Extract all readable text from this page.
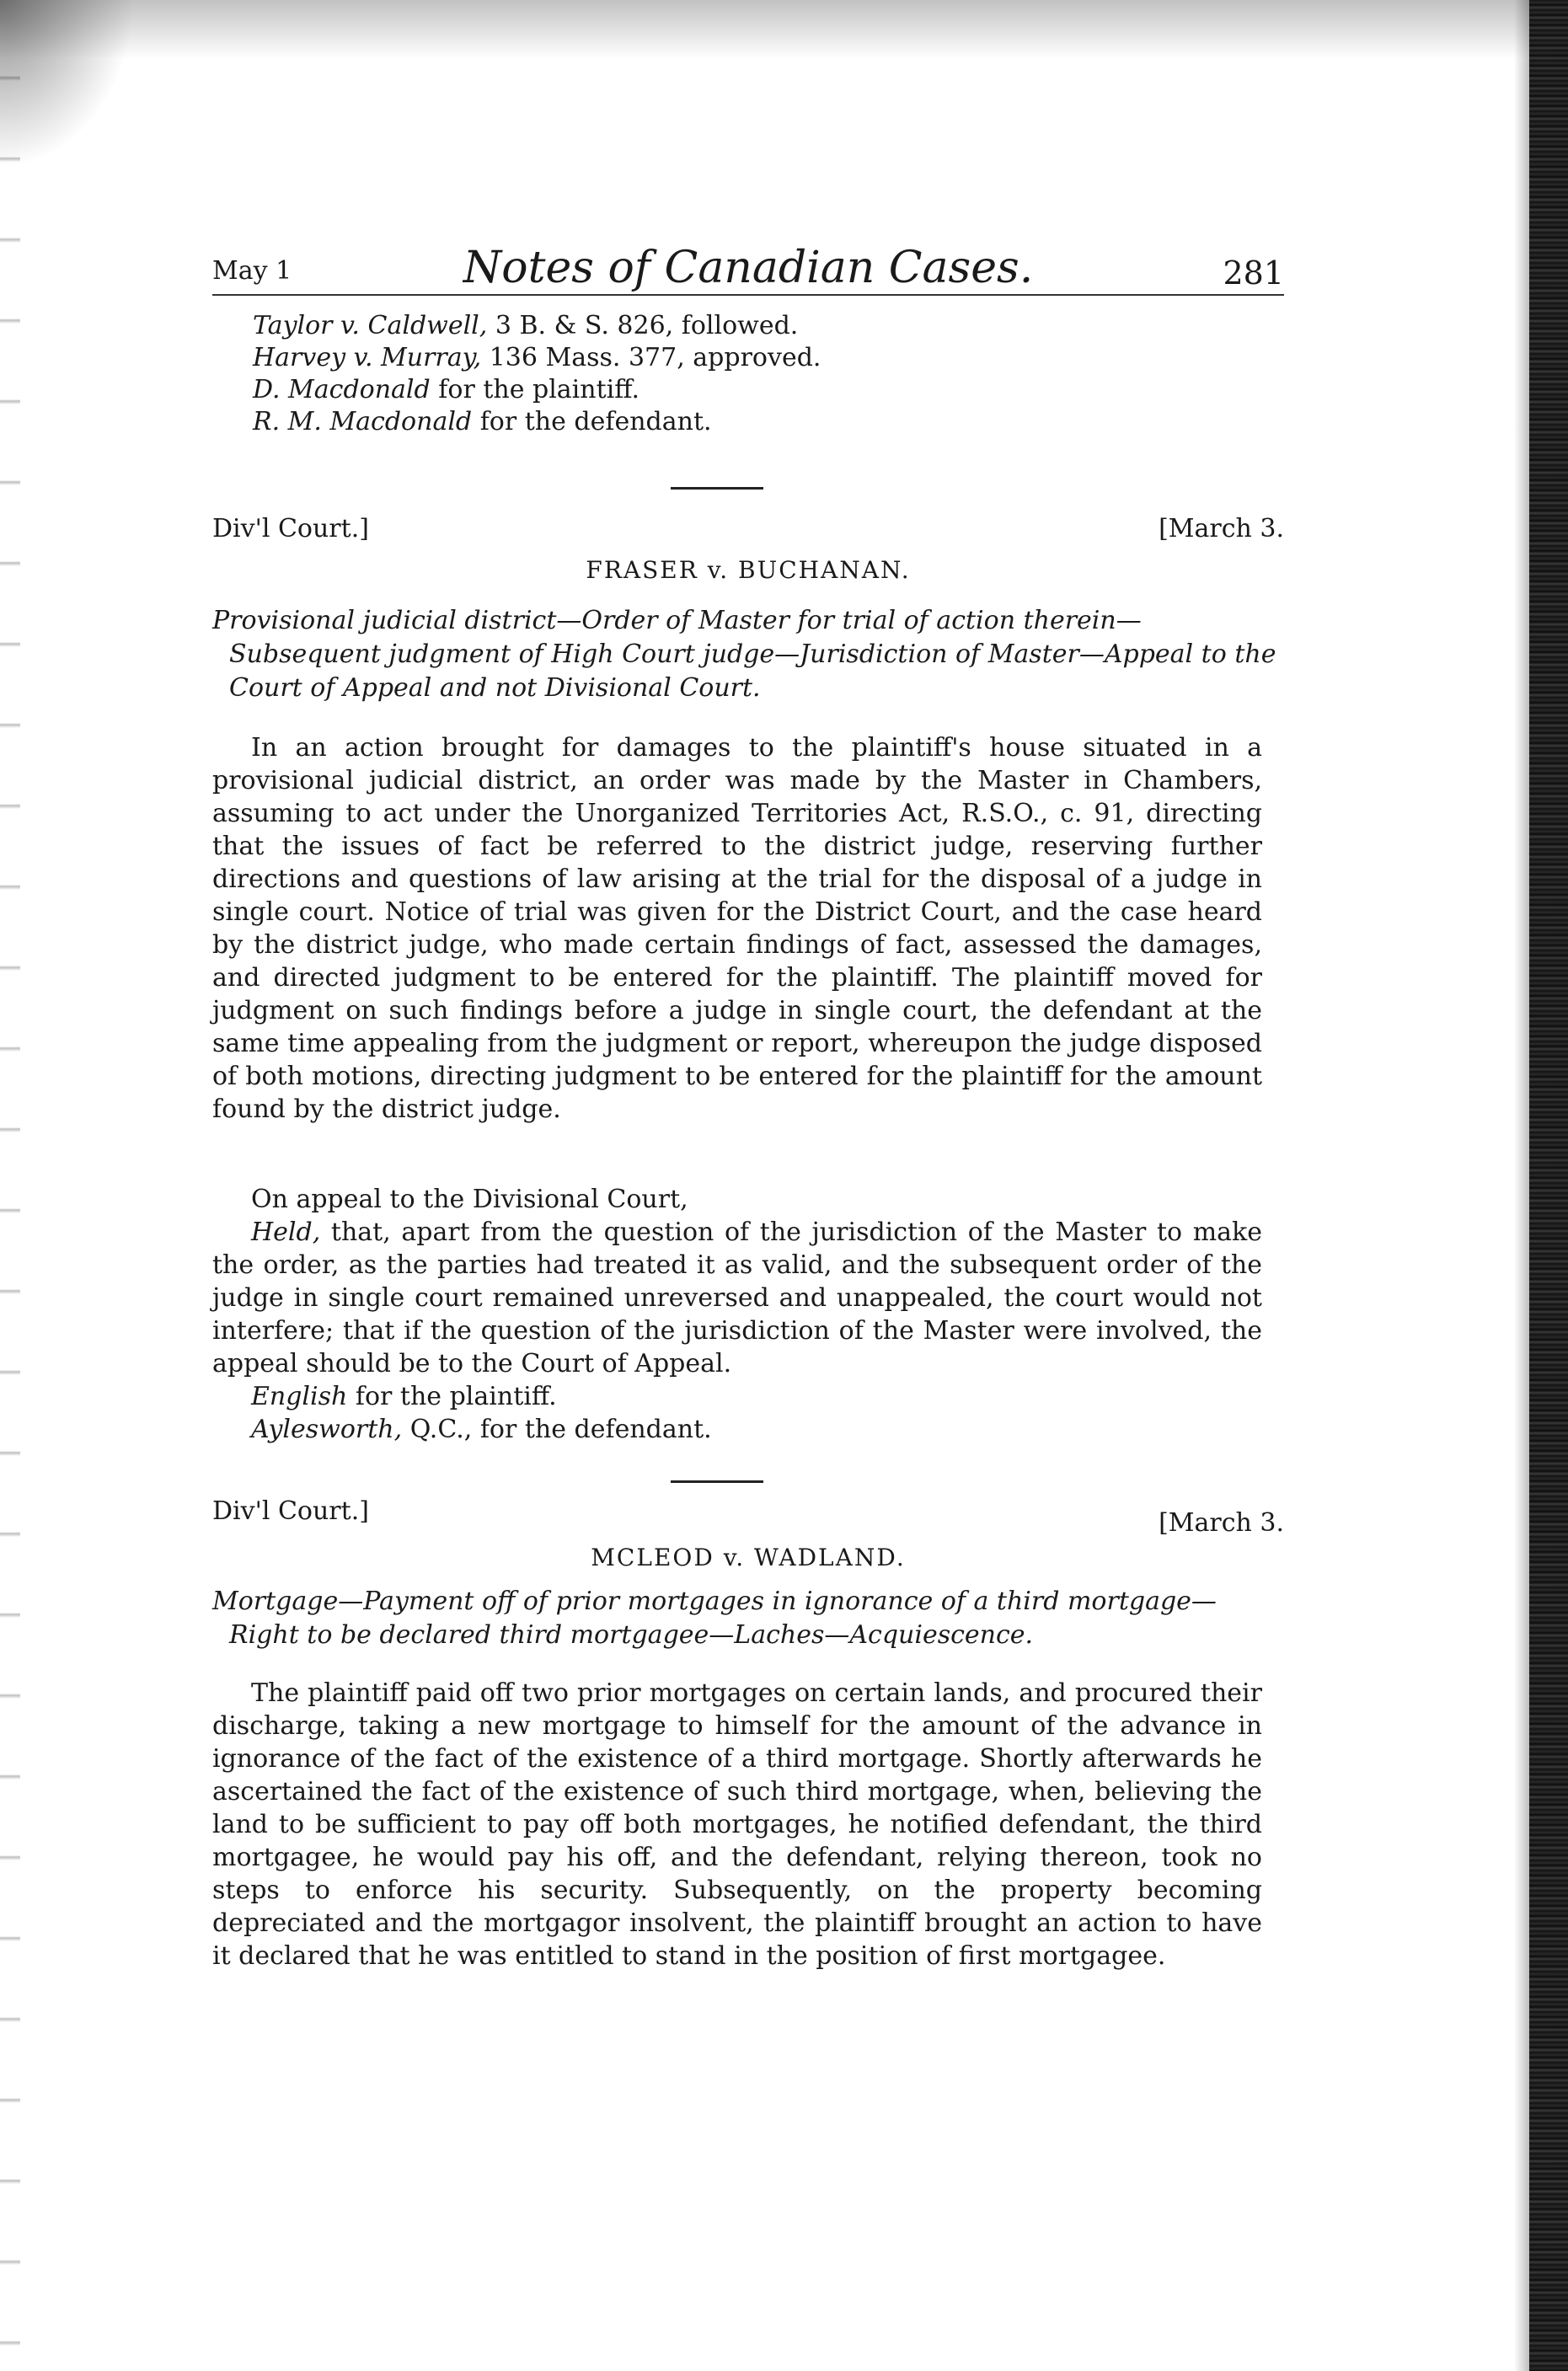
May 1	Notes of Canadian Cases.	281
Taylor v. Caldwell, 3 B. & S. 826, followed.
Harvey v. Murray, 136 Mass. 377, approved.
D. Macdonald for the plaintiff.
R. M. Macdonald for the defendant.
Div'l Court.]	[March 3.
FRASER v. BUCHANAN.
Provisional judicial district—Order of Master for trial of action therein—Subsequent judgment of High Court judge—Jurisdiction of Master—Appeal to the Court of Appeal and not Divisional Court.
In an action brought for damages to the plaintiff's house situated in a provisional judicial district, an order was made by the Master in Chambers, assuming to act under the Unorganized Territories Act, R.S.O., c. 91, directing that the issues of fact be referred to the district judge, reserving further directions and questions of law arising at the trial for the disposal of a judge in single court. Notice of trial was given for the District Court, and the case heard by the district judge, who made certain findings of fact, assessed the damages, and directed judgment to be entered for the plaintiff. The plaintiff moved for judgment on such findings before a judge in single court, the defendant at the same time appealing from the judgment or report, whereupon the judge disposed of both motions, directing judgment to be entered for the plaintiff for the amount found by the district judge.
On appeal to the Divisional Court,
Held, that, apart from the question of the jurisdiction of the Master to make the order, as the parties had treated it as valid, and the subsequent order of the judge in single court remained unreversed and unappealed, the court would not interfere; that if the question of the jurisdiction of the Master were involved, the appeal should be to the Court of Appeal.
English for the plaintiff.
Aylesworth, Q.C., for the defendant.
Div'l Court.]	[March 3.
MCLEOD v. WADLAND.
Mortgage—Payment off of prior mortgages in ignorance of a third mortgage—Right to be declared third mortgagee—Laches—Acquiescence.
The plaintiff paid off two prior mortgages on certain lands, and procured their discharge, taking a new mortgage to himself for the amount of the advance in ignorance of the fact of the existence of a third mortgage. Shortly afterwards he ascertained the fact of the existence of such third mortgage, when, believing the land to be sufficient to pay off both mortgages, he notified defendant, the third mortgagee, he would pay his off, and the defendant, relying thereon, took no steps to enforce his security. Subsequently, on the property becoming depreciated and the mortgagor insolvent, the plaintiff brought an action to have it declared that he was entitled to stand in the position of first mortgagee.
